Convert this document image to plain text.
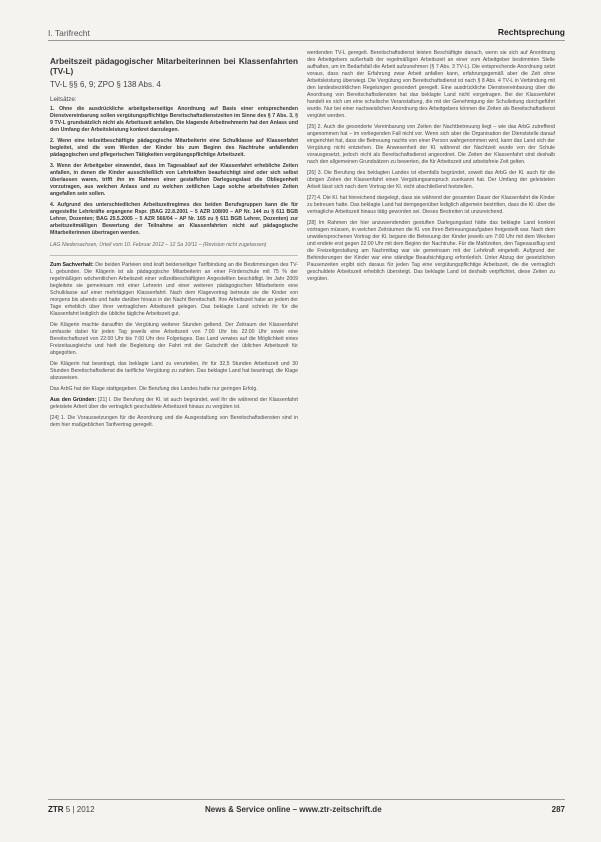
I. Tarifrecht	Rechtsprechung
Arbeitszeit pädagogischer Mitarbeiterinnen bei Klassenfahrten (TV-L)
TV-L §§ 6, 9; ZPO § 138 Abs. 4
Leitsätze:
1. Ohne die ausdrückliche arbeitgeberseitige Anordnung auf Basis einer entsprechenden Dienstvereinbarung sollen vergütungspflichtige Bereitschaftsdienstzeiten im Sinne des § 7 Abs. 3, § 9 TV-L grundsätzlich nicht als Arbeitszeit anfallen. Die klagende Arbeitnehmerin hat den Anlass und den Umfang der Arbeitsleistung konkret darzulegen.
2. Wenn eine teilzeitbeschäftigte pädagogische Mitarbeiterin eine Schulklasse auf Klassenfahrt begleitet, sind die vom Werden der Kinder bis zum Beginn des Nachtruhe anfallenden pädagogischen und pflegerischen Tätigkeiten vergütungspflichtige Arbeitszeit.
3. Wenn der Arbeitgeber einwendet, dass im Tagesablauf auf der Klassenfahrt erhebliche Zeiten anfallen, in denen die Kinder ausschließlich von Lehrkräften beaufsichtigt sind oder sich selbst überlassen waren, trifft ihn im Rahmen einer gestaffelten Darlegungslast die Obliegenheit vorzutragen, aus welchen Anlass und zu welchen zeitlichen Lage solche arbeitsfreien Zeiten angefallen sein sollen.
4. Aufgrund des unterschiedlichen Arbeitszeitregimes des beiden Berufsgruppen kann die für angestellte Lehrkräfte ergangene Rspr. (BAG 22.8.2001 – 5 AZR 108/00 – AP Nr. 144 zu § 611 BGB Lehrer, Dozenten; BAG 25.5.2005 – 5 AZR 566/04 – AP Nr. 165 zu § 611 BGB Lehrer, Dozenten) zur arbeitszeitmäßigen Bewertung der Teilnahme an Klassenfahrten nicht auf pädagogische Mitarbeiterinnen übertragen werden.
LAG Niedersachsen, Urteil vom 10. Februar 2012 – 12 Sa 10/11 – (Revision nicht zugelassen)
Zum Sachverhalt: Die beiden Parteien sind kraft beiderseitiger Tarifbindung an die Bestimmungen des TV-L gebunden. Die Klägerin ist als pädagogische Mitarbeiterin an einer Förderschule mit 75 % der regelmäßigen wöchentlichen Arbeitszeit einer vollzeitbeschäftigten Angestellten beschäftigt. Im Jahr 2009 begleitete sie gemeinsam mit einer Lehrerin und einer weiteren pädagogischen Mitarbeiterin eine Schulklasse auf einer mehrtägigen Klassenfahrt. Nach dem Klagevortrag betreute sie die Kinder von morgens bis abends und hatte darüber hinaus in der Nacht Bereitschaft. Ihre Arbeitszeit habe an jedem der Tage erheblich über ihrer vertraglichen Arbeitszeit gelegen. Das beklagte Land schrieb ihr für die Klassenfahrt lediglich die übliche tägliche Arbeitszeit gut.
Die Klägerin machte daraufhin die Vergütung weiterer Stunden geltend. Der Zeitraum der Klassenfahrt umfasste dabei für jeden Tag jeweils eine Arbeitszeit von 7:00 Uhr bis 22:00 Uhr sowie eine Bereitschaftszeit von 22:00 Uhr bis 7:00 Uhr des Folgetages. Das Land verwies auf die Möglichkeit eines Freizeitausgleichs und hielt die Begleitung der Fahrt mit der Gutschrift der üblichen Arbeitszeit für abgegolten.
Die Klägerin hat beantragt, das beklagte Land zu verurteilen, ihr für 32,5 Stunden Arbeitszeit und 30 Stunden Bereitschaftsdienst die tarifliche Vergütung zu zahlen. Das beklagte Land hat beantragt, die Klage abzuweisen.
Das ArbG hat der Klage stattgegeben. Die Berufung des Landes hatte nur geringen Erfolg.
Aus den Gründen: [21] I. Die Berufung der Kl. ist auch begründet, weil ihr die während der Klassenfahrt geleistete Arbeit über die vertraglich geschuldete Arbeitszeit hinaus zu vergüten ist.
[24] 1. Die Voraussetzungen für die Anordnung und die Ausgestaltung von Bereitschaftsdiensten sind in dem hier maßgeblichen Tarifvertrag geregelt.
werdenden TV-L geregelt. Bereitschaftsdienst leisten Beschäftigte danach, wenn sie sich auf Anordnung des Arbeitgebers außerhalb der regelmäßigen Arbeitszeit an einer vom Arbeitgeber bestimmten Stelle aufhalten, um im Bedarfsfall die Arbeit aufzunehmen (§ 7 Abs. 3 TV-L). Die entsprechende Anordnung setzt voraus, dass nach der Erfahrung zwar Arbeit anfallen kann, erfahrungsgemäß aber die Zeit ohne Arbeitsleistung überwiegt. Die Vergütung von Bereitschaftsdienst ist nach § 8 Abs. 4 TV-L in Verbindung mit den landesbezirklichen Regelungen gesondert geregelt. Eine ausdrückliche Dienstvereinbarung über die Anordnung von Bereitschaftsdiensten hat das beklagte Land nicht vorgetragen. Bei der Klassenfahrt handelt es sich um eine schulische Veranstaltung, die mit der Genehmigung der Schulleitung durchgeführt wurde. Nur bei einer nachweislichen Anordnung des Arbeitgebers können die Zeiten als Bereitschaftsdienst vergütet werden.
[25] 2. Auch die gesonderte Vereinbarung von Zeiten der Nachtbetreuung liegt – wie das ArbG zutreffend angenommen hat – im vorliegenden Fall nicht vor. Wenn sich aber die Organisation der Dienststelle darauf eingerichtet hat, dass die Betreuung nachts von einer Person wahrgenommen wird, kann das Land sich der Vergütung nicht entziehen. Die Anwesenheit der Kl. während der Nachtzeit wurde von der Schule vorausgesetzt, jedoch nicht als Bereitschaftsdienst angeordnet. Die Zeiten der Klassenfahrt sind deshalb nach den allgemeinen Grundsätzen zu bewerten, die für Arbeitszeit und arbeitsfreie Zeit gelten.
[26] 3. Die Berufung des beklagten Landes ist ebenfalls begründet, soweit das ArbG der Kl. auch für die übrigen Zeiten der Klassenfahrt einen Vergütungsanspruch zuerkannt hat. Der Umfang der geleisteten Arbeit lässt sich nach dem Vortrag der Kl. nicht abschließend feststellen.
[27] 4. Die Kl. hat hinreichend dargelegt, dass sie während der gesamten Dauer der Klassenfahrt die Kinder zu betreuen hatte. Das beklagte Land hat demgegenüber lediglich allgemein bestritten, dass die Kl. über die vertragliche Arbeitszeit hinaus tätig geworden sei. Dieses Bestreiten ist unzureichend.
[28] Im Rahmen der hier anzuwendenden gestuften Darlegungslast hätte das beklagte Land konkret vortragen müssen, in welchen Zeiträumen die Kl. von ihren Betreuungsaufgaben freigestellt war. Nach dem unwidersprochenen Vortrag der Kl. begann die Betreuung der Kinder jeweils um 7:00 Uhr mit dem Wecken und endete erst gegen 22:00 Uhr mit dem Beginn der Nachtruhe. Für die Mahlzeiten, den Tagesausflug und die Freizeitgestaltung am Nachmittag war sie gemeinsam mit der Lehrkraft eingeteilt. Aufgrund der Behinderungen der Kinder war eine ständige Beaufsichtigung erforderlich. Unter Abzug der gesetzlichen Pausenzeiten ergibt sich daraus für jeden Tag eine vergütungspflichtige Arbeitszeit, die die vertraglich geschuldete Arbeitszeit erheblich übersteigt. Das beklagte Land ist deshalb verpflichtet, diese Zeiten zu vergüten.
ZTR 5 | 2012	News & Service online – www.ztr-zeitschrift.de	287
